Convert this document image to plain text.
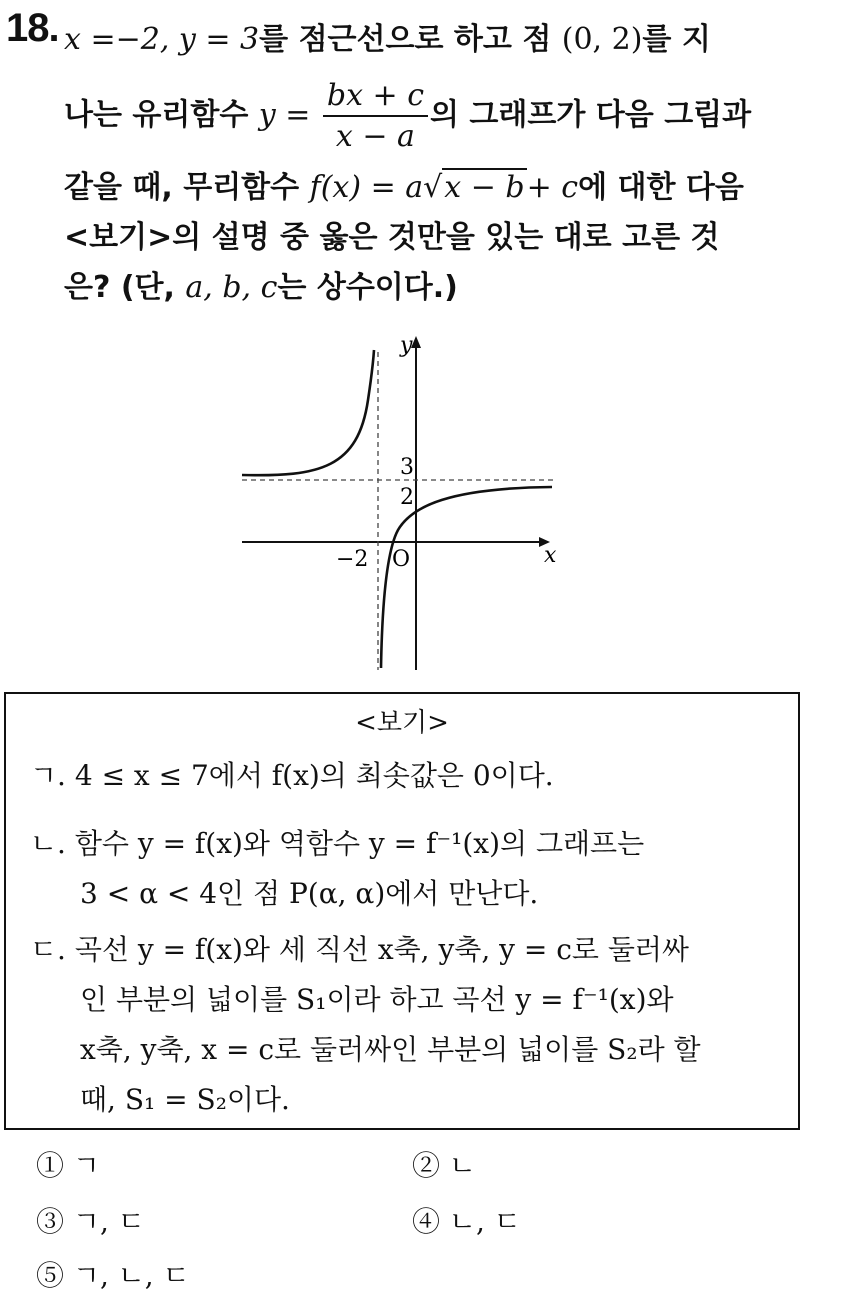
18. x =−2, y = 3를 점근선으로 하고 점 (0, 2)를 지
나는 유리함수 $y = \frac{bx + c}{x - a}$ 의 그래프가 다음 그림과
같을 때, 무리함수 f(x) = a√x − b+ c에 대한 다음
<보기>의 설명 중 옳은 것만을 있는 대로 고른 것
은? (단, a, b, c는 상수이다.)
y
x
3
2
−2 O
<보기>
ㄱ. 4 ≤ x ≤ 7에서 f(x)의 최솟값은 0이다.
ㄴ. 함수 y = f(x)와 역함수 y = f⁻¹(x)의 그래프는
3 < α < 4인 점 P(α, α)에서 만난다.
ㄷ. 곡선 y = f(x)와 세 직선 x축, y축, y = c로 둘러싸
인 부분의 넓이를 S₁이라 하고 곡선 y = f⁻¹(x)와
x축, y축, x = c로 둘러싸인 부분의 넓이를 S₂라 할
때, S₁ = S₂이다.
① ㄱ	② ㄴ
③ ㄱ, ㄷ	④ ㄴ, ㄷ
⑤ ㄱ, ㄴ, ㄷ
